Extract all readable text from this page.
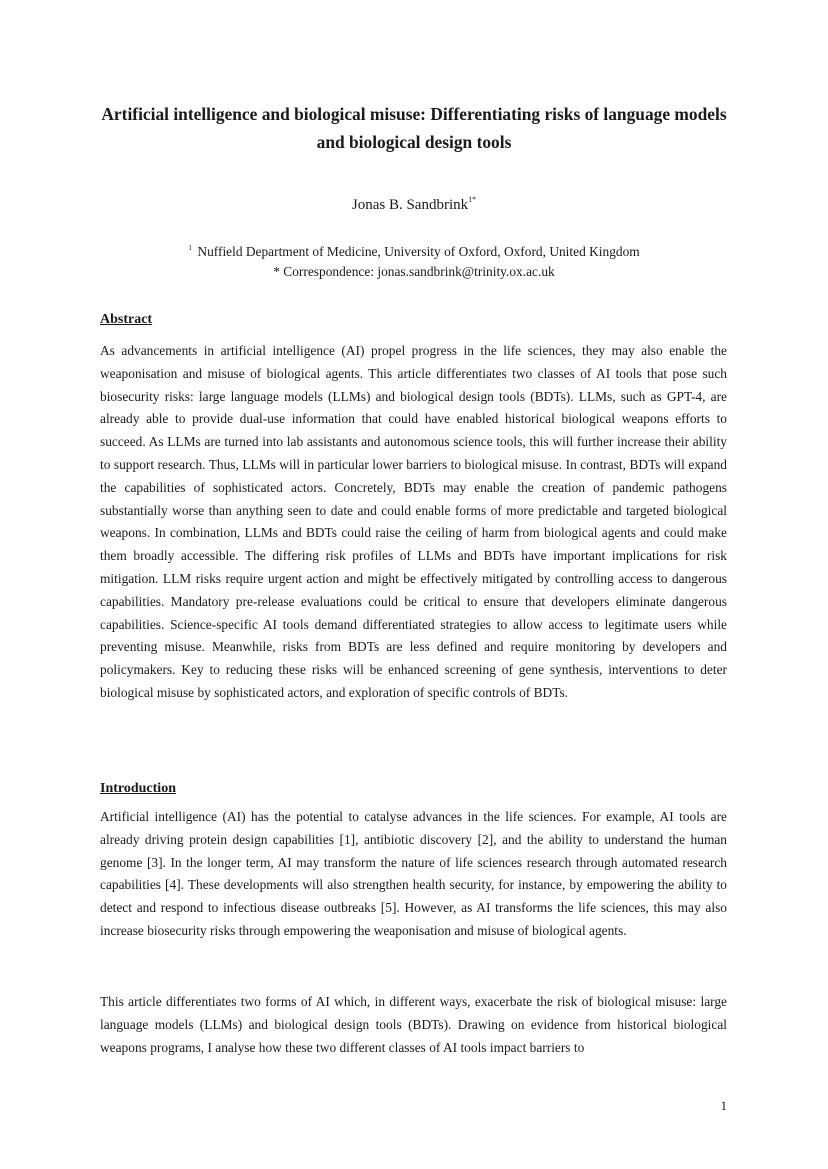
Artificial intelligence and biological misuse: Differentiating risks of language models and biological design tools
Jonas B. Sandbrink$^{1*}$
$^1$ Nuffield Department of Medicine, University of Oxford, Oxford, United Kingdom
* Correspondence: jonas.sandbrink@trinity.ox.ac.uk
Abstract

As advancements in artificial intelligence (AI) propel progress in the life sciences, they may also enable the weaponisation and misuse of biological agents. This article differentiates two classes of AI tools that pose such biosecurity risks: large language models (LLMs) and biological design tools (BDTs). LLMs, such as GPT-4, are already able to provide dual-use information that could have enabled historical biological weapons efforts to succeed. As LLMs are turned into lab assistants and autonomous science tools, this will further increase their ability to support research. Thus, LLMs will in particular lower barriers to biological misuse. In contrast, BDTs will expand the capabilities of sophisticated actors. Concretely, BDTs may enable the creation of pandemic pathogens substantially worse than anything seen to date and could enable forms of more predictable and targeted biological weapons. In combination, LLMs and BDTs could raise the ceiling of harm from biological agents and could make them broadly accessible. The differing risk profiles of LLMs and BDTs have important implications for risk mitigation. LLM risks require urgent action and might be effectively mitigated by controlling access to dangerous capabilities. Mandatory pre-release evaluations could be critical to ensure that developers eliminate dangerous capabilities. Science-specific AI tools demand differentiated strategies to allow access to legitimate users while preventing misuse. Meanwhile, risks from BDTs are less defined and require monitoring by developers and policymakers. Key to reducing these risks will be enhanced screening of gene synthesis, interventions to deter biological misuse by sophisticated actors, and exploration of specific controls of BDTs.

Introduction

Artificial intelligence (AI) has the potential to catalyse advances in the life sciences. For example, AI tools are already driving protein design capabilities [1], antibiotic discovery [2], and the ability to understand the human genome [3]. In the longer term, AI may transform the nature of life sciences research through automated research capabilities [4]. These developments will also strengthen health security, for instance, by empowering the ability to detect and respond to infectious disease outbreaks [5]. However, as AI transforms the life sciences, this may also increase biosecurity risks through empowering the weaponisation and misuse of biological agents.

This article differentiates two forms of AI which, in different ways, exacerbate the risk of biological misuse: large language models (LLMs) and biological design tools (BDTs). Drawing on evidence from historical biological weapons programs, I analyse how these two different classes of AI tools impact barriers to

1
